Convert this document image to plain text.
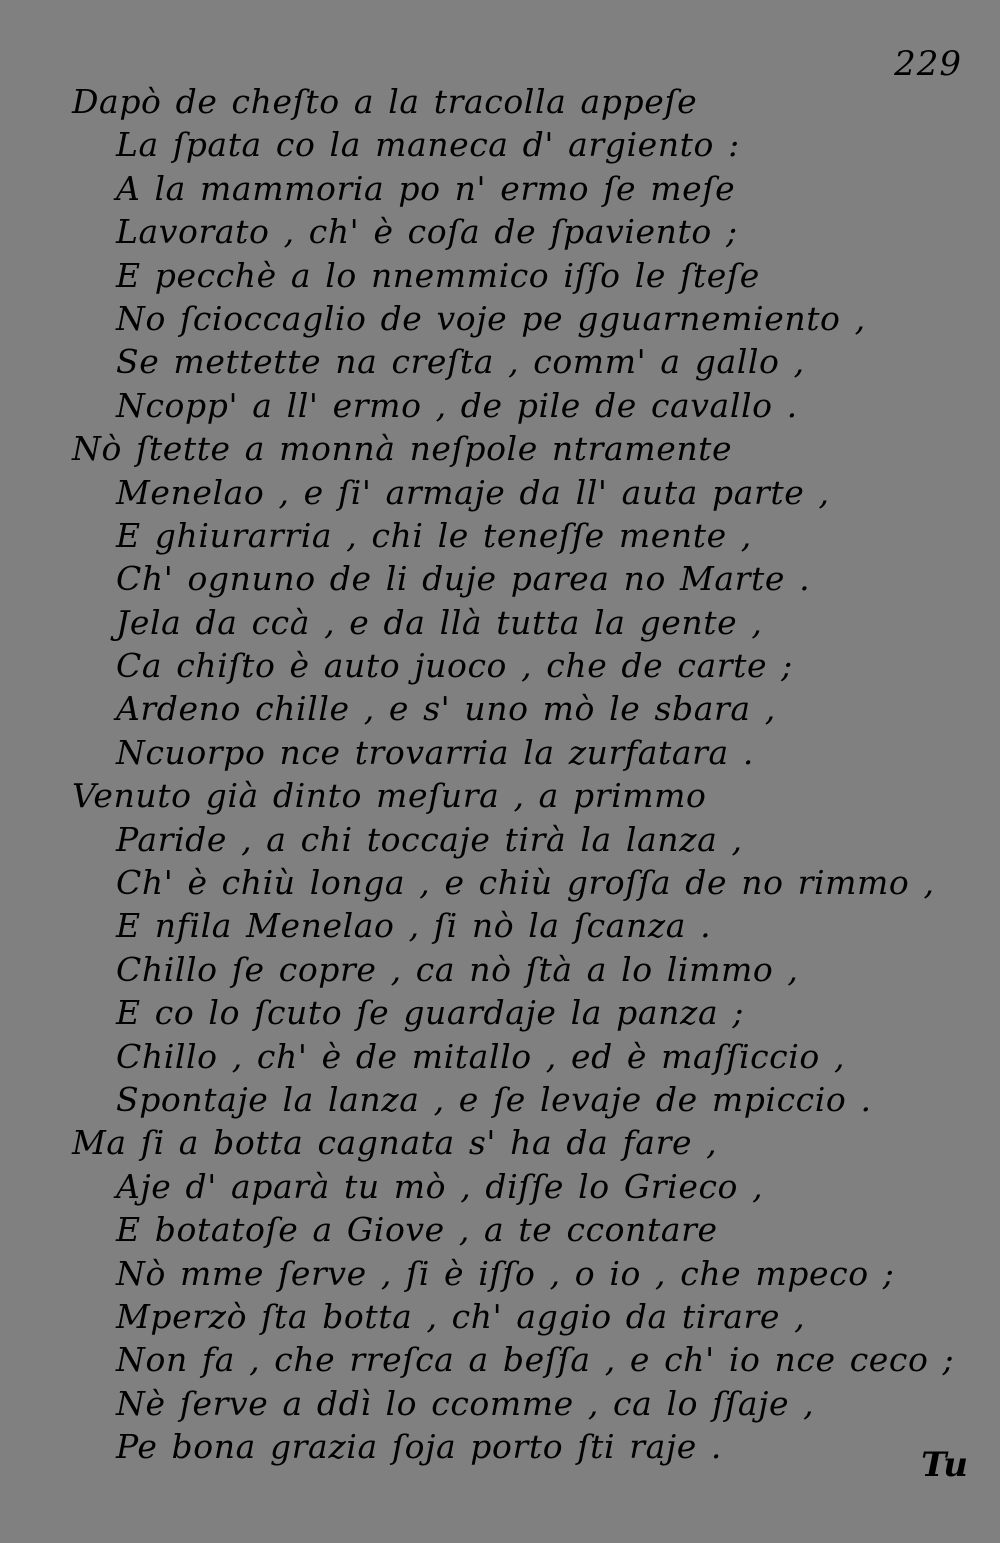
229
Dapò de cheſto a la tracolla appeſe
La ſpata co la maneca d' argiento :
A la mammoria po n' ermo ſe meſe
Lavorato , ch' è coſa de ſpaviento ;
E pecchè a lo nnemmico iſſo le ſteſe
No ſcioccaglio de voje pe gguarnemiento ,
Se mettette na creſta , comm' a gallo ,
Ncopp' a ll' ermo , de pile de cavallo .
Nò ſtette a monnà neſpole ntramente
Menelao , e ſi' armaje da ll' auta parte ,
E ghiurarria , chi le teneſſe mente ,
Ch' ognuno de li duje parea no Marte .
Jela da ccà , e da llà tutta la gente ,
Ca chiſto è auto juoco , che de carte ;
Ardeno chille , e s' uno mò le sbara ,
Ncuorpo nce trovarria la zurfatara .
Venuto già dinto meſura , a primmo
Paride , a chi toccaje tirà la lanza ,
Ch' è chiù longa , e chiù groſſa de no rimmo ,
E nfila Menelao , ſi nò la ſcanza .
Chillo ſe copre , ca nò ſtà a lo limmo ,
E co lo ſcuto ſe guardaje la panza ;
Chillo , ch' è de mitallo , ed è maſſiccio ,
Spontaje la lanza , e ſe levaje de mpiccio .
Ma ſi a botta cagnata s' ha da fare ,
Aje d' aparà tu mò , diſſe lo Grieco ,
E botatoſe a Giove , a te ccontare
Nò mme ſerve , ſi è iſſo , o io , che mpeco ;
Mperzò ſta botta , ch' aggio da tirare ,
Non fa , che rreſca a beſſa , e ch' io nce ceco ;
Nè ſerve a ddì lo ccomme , ca lo ſſaje ,
Pe bona grazia ſoja porto ſti raje .	Tu
